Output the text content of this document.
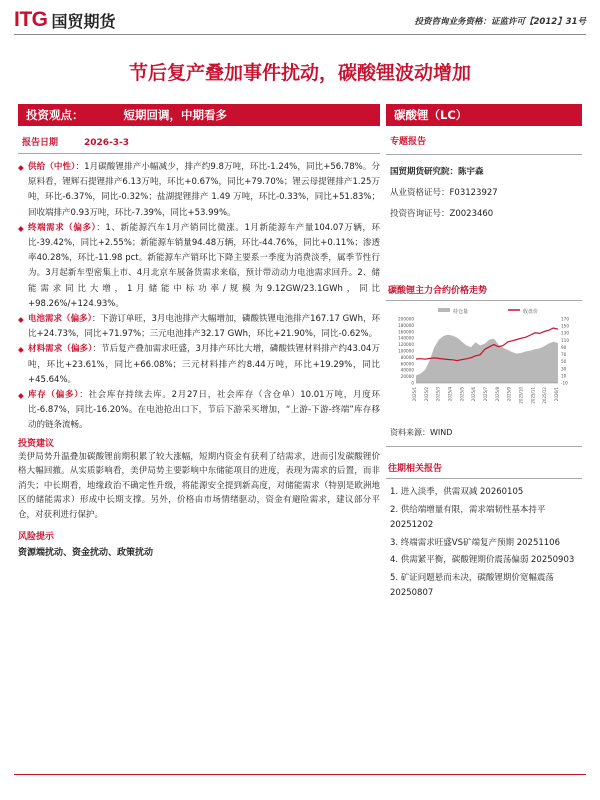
ITG 国贸期货	投资咨询业务资格：证监许可【2012】31号
节后复产叠加事件扰动，碳酸锂波动增加
投资观点：	短期回调，中期看多
报告日期	2026-3-3
◆ 供给（中性）：1月碳酸锂排产小幅减少，排产约9.8万吨，环比-1.24%，同比+56.78%。分原料看，锂辉石提锂排产6.13万吨，环比+0.67%，同比+79.70%；锂云母提锂排产1.25万吨，环比-6.37%，同比-0.32%；盐湖提锂排产 1.49 万吨，环比-0.33%，同比+51.83%；回收端排产0.93万吨，环比-7.39%，同比+53.99%。
◆ 终端需求（偏多）：1、新能源汽车1月产销同比微涨。1月新能源车产量104.07万辆，环比-39.42%，同比+2.55%；新能源车销量94.48万辆，环比-44.76%，同比+0.11%；渗透率40.28%，环比-11.98 pct。新能源车产销环比下降主要系一季度为消费淡季，属季节性行为。3月起新车型密集上市、4月北京车展备货需求来临，预计带动动力电池需求回升。2、储能需求同比大增，1月储能中标功率/规模为9.12GW/23.1GWh，同比+98.26%/+124.93%。
◆ 电池需求（偏多）：下游订单旺，3月电池排产大幅增加，磷酸铁锂电池排产167.17 GWh，环比+24.73%，同比+71.97%；三元电池排产32.17 GWh，环比+21.90%，同比-0.62%。
◆ 材料需求（偏多）：节后复产叠加需求旺盛，3月排产环比大增，磷酸铁锂材料排产约43.04万吨，环比+23.61%，同比+66.08%；三元材料排产约8.44万吨，环比+19.29%，同比+45.64%。
◆ 库存（偏多）：社会库存持续去库。2月27日，社会库存（含仓单）10.01万吨，月度环比-6.87%，同比-16.20%。在电池抢出口下，节后下游采买增加，“上游-下游-终端”库存移动的链条流畅。
投资建议
美伊局势升温叠加碳酸锂前期积累了较大涨幅，短期内资金有获利了结需求，进而引发碳酸锂价格大幅回撤。从实质影响看，美伊局势主要影响中东储能项目的进度，表现为需求的后置，而非消失；中长期看，地缘政治不确定性升级，将能源安全提到新高度，对储能需求（特别是欧洲地区的储能需求）形成中长期支撑。另外，价格由市场情绪驱动，资金有避险需求，建议部分平仓，对获利进行保护。
风险提示
资源端扰动、资金扰动、政策扰动
碳酸锂（LC）
专题报告
国贸期货研究院：陈宇森
从业资格证号：F03123927
投资咨询证号：Z0023460
碳酸锂主力合约价格走势
持仓量	收盘价
200000
180000
160000
140000
120000
100000
80000
60000
40000
20000
0
170
150
130
110
90
70
50
30
10
-10
2025/1 2025/2 2025/3 2025/4 2025/5 2025/6 2025/7 2025/8 2025/9 2025/10 2025/11 2025/12 2026/1
资料来源：WIND
往期相关报告
1. 进入淡季，供需双减 20260105
2. 供给端增量有限，需求端韧性基本持平 20251202
3. 终端需求旺盛VS矿端复产预期 20251106
4. 供需紧平衡，碳酸锂期价震荡偏弱 20250903
5. 矿证问题悬而未决，碳酸锂期价宽幅震荡 20250807
